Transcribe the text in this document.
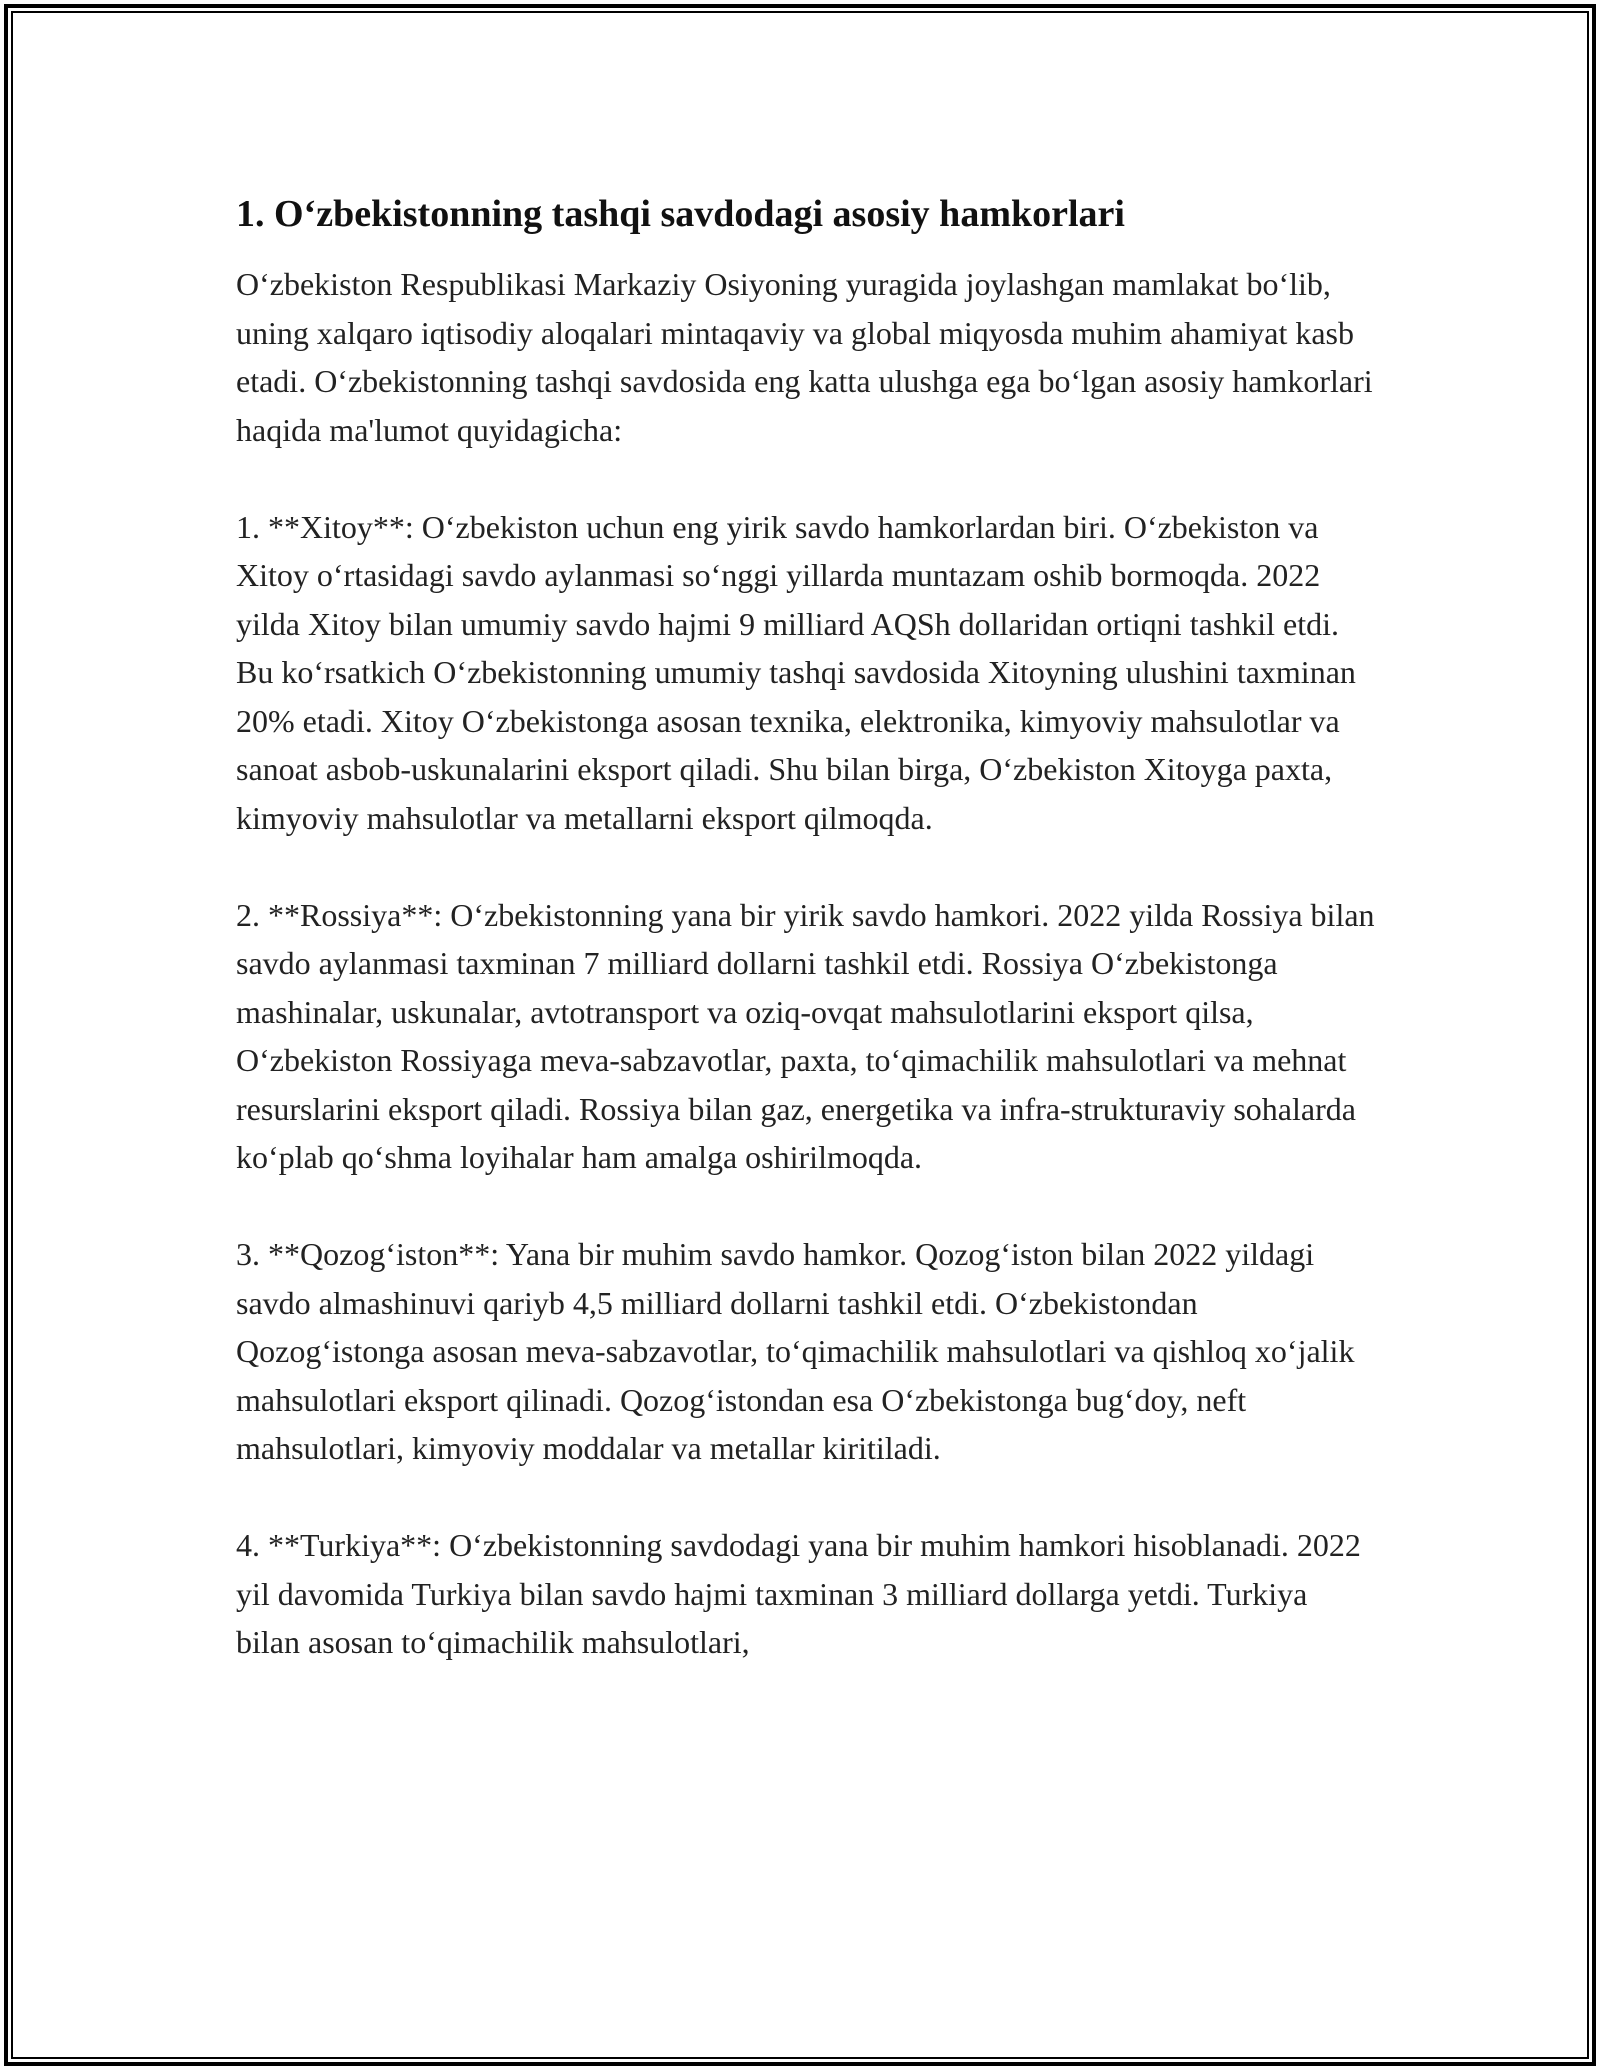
1. O‘zbekistonning tashqi savdodagi asosiy hamkorlari

O‘zbekiston Respublikasi Markaziy Osiyoning yuragida joylashgan mamlakat bo‘lib, uning xalqaro iqtisodiy aloqalari mintaqaviy va global miqyosda muhim ahamiyat kasb etadi. O‘zbekistonning tashqi savdosida eng katta ulushga ega bo‘lgan asosiy hamkorlari haqida ma'lumot quyidagicha:

1. **Xitoy**: O‘zbekiston uchun eng yirik savdo hamkorlardan biri. O‘zbekiston va Xitoy o‘rtasidagi savdo aylanmasi so‘nggi yillarda muntazam oshib bormoqda. 2022 yilda Xitoy bilan umumiy savdo hajmi 9 milliard AQSh dollaridan ortiqni tashkil etdi. Bu ko‘rsatkich O‘zbekistonning umumiy tashqi savdosida Xitoyning ulushini taxminan 20% etadi. Xitoy O‘zbekistonga asosan texnika, elektronika, kimyoviy mahsulotlar va sanoat asbob-uskunalarini eksport qiladi. Shu bilan birga, O‘zbekiston Xitoyga paxta, kimyoviy mahsulotlar va metallarni eksport qilmoqda.

2. **Rossiya**: O‘zbekistonning yana bir yirik savdo hamkori. 2022 yilda Rossiya bilan savdo aylanmasi taxminan 7 milliard dollarni tashkil etdi. Rossiya O‘zbekistonga mashinalar, uskunalar, avtotransport va oziq-ovqat mahsulotlarini eksport qilsa, O‘zbekiston Rossiyaga meva-sabzavotlar, paxta, to‘qimachilik mahsulotlari va mehnat resurslarini eksport qiladi. Rossiya bilan gaz, energetika va infra-strukturaviy sohalarda ko‘plab qo‘shma loyihalar ham amalga oshirilmoqda.

3. **Qozog‘iston**: Yana bir muhim savdo hamkor. Qozog‘iston bilan 2022 yildagi savdo almashinuvi qariyb 4,5 milliard dollarni tashkil etdi. O‘zbekistondan Qozog‘istonga asosan meva-sabzavotlar, to‘qimachilik mahsulotlari va qishloq xo‘jalik mahsulotlari eksport qilinadi. Qozog‘istondan esa O‘zbekistonga bug‘doy, neft mahsulotlari, kimyoviy moddalar va metallar kiritiladi.

4. **Turkiya**: O‘zbekistonning savdodagi yana bir muhim hamkori hisoblanadi. 2022 yil davomida Turkiya bilan savdo hajmi taxminan 3 milliard dollarga yetdi. Turkiya bilan asosan to‘qimachilik mahsulotlari,
